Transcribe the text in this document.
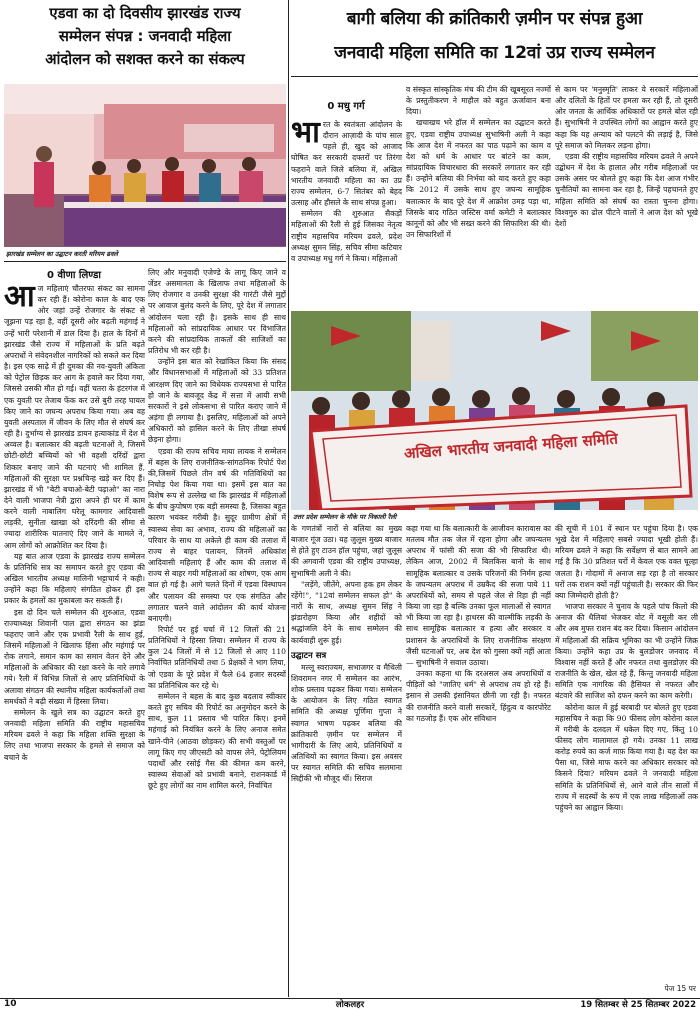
एडवा का दो दिवसीय झारखंड राज्य
सम्मेलन संपन्न : जनवादी महिला
आंदोलन को सशक्त करने का संकल्प
झारखंड सम्मेलन का उद्घाटन करती मरियम ढवले
0 वीणा लिण्डा
आ ज महिलाएं चौतरफा संकट का सामना कर रही हैं। कोरोना काल के बाद एक ओर जहां उन्हें रोजगार के संकट से जूझना पड़ रहा है, वहीं दूसरी ओर बढ़ती महंगाई ने उन्हें भारी परेशानी में डाल दिया है। हाल के दिनों में झारखंड जैसे राज्य में महिलाओं के प्रति बढ़ते अपराधों ने संवेदनशील नागरिकों को सकते कर दिया है। इस एक साढ़े में ही दुमका की नव-युवती अंकिता को पेट्रोल छिड़क कर आग के हवाले कर दिया गया, जिससे उसकी मौत हो गई। वहीं चतरा के हंटरगंज में एक युवती पर तेजाब फेंक कर उसे बुरी तरह घायल किए जाने का जघन्य अपराध किया गया। अब वह युवती अस्पताल में जीवन के लिए मौत से संघर्ष कर रही है। दुर्भाग्य से झारखंड डायन हत्याकांड में देश में अव्वल है। बलात्कार की बढ़ती घटनाओं ने, जिसमें छोटी-छोटी बच्चियों को भी वहशी दरिंदों द्वारा शिकार बनाए जाने की घटनाएं भी शामिल हैं, महिलाओं की सुरक्षा पर प्रश्नचिन्ह खड़े कर दिए हैं। झारखंड में भी "बेटी बचाओ-बेटी पढ़ाओ" का नारा देने वाली भाजपा नेत्री द्वारा अपने ही घर में काम करने वाली नाबालिग घरेलू कामगार आदिवासी लड़की, सुनीता खाखा को दरिंदगी की सीमा से ज्यादा शारीरिक यातनाएं दिए जाने के मामले ने, आम लोगों को आक्रोशित कर दिया है।

यह बात आज एडवा के झारखंड राज्य सम्मेलन के प्रतिनिधि सत्र का समापन करते हुए एडवा की अखिल भारतीय अध्यक्ष मालिनी भट्टाचार्य ने कही। उन्होंने कहा कि महिलाएं संगठित होकर ही इस प्रकार के हमलों का मुकाबला कर सकती हैं।

इस दो दिन चले सम्मेलन की शुरुआत, एडवा राज्याध्यक्ष शिवानी पाल द्वारा संगठन का झंडा फहराए जाने और एक प्रभावी रैली के साथ हुई, जिसमें महिलाओं ने खिलाफ हिंसा और महंगाई पर रोक लगाने, समान काम का समान वेतन देने और महिलाओं के अधिकार की रक्षा करने के नारे लगाये गये। रैली में विभिन्न जिलों से आए प्रतिनिधियों के अलावा संगठन की स्थानीय महिला कार्यकर्ताओं तथा समर्थकों ने बढ़ी संख्या में हिस्सा लिया।

सम्मेलन के खुले सत्र का उद्घाटन करते हुए जनवादी महिला समिति की राष्ट्रीय महासचिव मरियम ढवले ने कहा कि महिला शक्ति सुरक्षा के लिए तथा भाजपा सरकार के हमले से समाज को बचाने के

लिए और मनुवादी एजेण्डे के लागू किए जाने व जेंडर असमानता के खिलाफ तथा महिलाओं के लिए रोजगार व उनकी सुरक्षा की गारंटी जैसे मुद्दों पर आवाज बुलंद करने के लिए, पूरे देश में लगातार आंदोलन चला रही है। इसके साथ ही साथ महिलाओं को सांप्रदायिक आधार पर विभाजित करने की सांप्रदायिक ताकतों की साजिशों का प्रतिरोध भी कर रही है।

उन्होंने इस बात को रेखांकित किया कि संसद और विधानसभाओं में महिलाओं को 33 प्रतिशत आरक्षण दिए जाने का विधेयक राज्यसभा से पारित हो जाने के बावजूद केंद्र में सत्ता में आयी सभी सरकारों ने इसे लोकसभा से पारित कराए जाने में अड़ंगा ही लगाया है। इसलिए, महिलाओं को अपने अधिकारों को हासिल करने के लिए तीखा संघर्ष छेड़ना होगा।

एडवा की राज्य सचिव माया लायक ने सम्मेलन में बहस के लिए राजनीतिक-सांगठनिक रिपोर्ट पेश की,जिसमें पिछले तीन वर्ष की गतिविधियों का निचोड़ पेश किया गया था। इसमें इस बात का विशेष रूप से उल्लेख था कि झारखंड में महिलाओं के बीच कुपोषण एक बड़ी समस्या है, जिसका बहुत कारण भयंकर गरीबी है। सुदूर ग्रामीण क्षेत्रों में स्वास्थ्य सेवा का अभाव, राज्य की महिलाओं का परिवार के साथ या अकेले ही काम की तलाश में राज्य से बाहर पलायन, जिनमें अधिकांश आदिवासी महिलाएं हैं और काम की तलाश में राज्य से बाहर गयी महिलाओं का शोषण, एक आम बात हो गई है। आगे चलते दिनों में एडवा विस्थापन और पलायन की समस्या पर एक संगठित और लगातार चलने वाले आंदोलन की कार्य योजना बनाएगी।

रिपोर्ट पर हुई चर्चा में 12 जिलों की 21 प्रतिनिधियों ने हिस्सा लिया। सम्मेलन में राज्य के कुल 24 जिलों में से 12 जिलों से आए 110 निर्वाचित प्रतिनिधियों तथा 5 प्रेक्षकों ने भाग लिया, जो एडवा के पूरे प्रदेश में फैले 64 हजार सदस्यों का प्रतिनिधित्व कर रहे थे।

सम्मेलन ने बहस के बाद कुछ बदलाव स्वीकार करते हुए सचिव की रिपोर्ट का अनुमोदन करने के साथ, कुल 11 प्रस्ताव भी पारित किए। इनमें महंगाई को नियंत्रित करने के लिए अनाज समेत खाने-पीने (आठवा छोड़कर) की सभी वस्तुओं पर लागू किए गए जीएसटी को वापस लेने, पेट्रोलियम पदार्थों और रसोई गैस की कीमत कम करने, स्वास्थ्य सेवाओं को प्रभावी बनाने, राशनकार्ड में छूटे हुए लोगों का नाम शामिल करने, निर्वाचित

बागी बलिया की क्रांतिकारी ज़मीन पर संपन्न हुआ
जनवादी महिला समिति का 12वां उप्र राज्य सम्मेलन
0 मधु गर्ग
भा रत के स्वतंत्रता आंदोलन के दौरान आज़ादी के पांच साल पहले ही, खुद को आजाद घोषित कर सरकारी दफ्तरों पर तिरंगा फहराने वाले जिले बलिया में, अखिल भारतीय जनवादी महिला का का उप्र राज्य सम्मेलन, 6-7 सितंबर को बेहद उत्साह और हौसले के साथ संपन्न हुआ।

सम्मेलन की शुरुआत सैकड़ों महिलाओं की रैली से हुई जिसका नेतृत्व राष्ट्रीय महासचिव मरियम ढवले, प्रदेश अध्यक्ष सुमन सिंह, सचिव सीमा कटियार व उपाध्यक्ष मधु गर्ग ने किया। महिलाओं

व संस्कृत सांस्कृतिक मंच की टीम की खूबसूरत नज्मों के प्रस्तुतीकरण ने माहौल को बहुत ऊर्जावान बना दिया।

खचाखच भरे हॉल में सम्मेलन का उद्घाटन करते हुए, एडवा राष्ट्रीय उपाध्यक्ष सुभाषिनी अली ने कहा कि आज देश में नफरत का पाठ पढ़ाने का काम व देश को धर्म के आधार पर बांटने का काम, सांप्रदायिक विचारधारा की सरकारें लगातार कर रही हैं। उन्होंने बलिया की निर्भया को याद करते हुए कहा कि 2012 में उसके साथ हुए जघन्य सामूहिक बलात्कार के बाद पूरे देश में आक्रोश उमड़ पड़ा था, जिसके बाद गठित जस्टिस वर्मा कमेटी ने बलात्कार कानूनों को और भी सख्त करने की सिफारिश की थी। उन सिफारिशों में

से काम पर 'मनुस्मृति' लाकर ये सरकारें महिलाओं और दलितों के हितों पर हमला कर रही हैं, तो दूसरी ओर जनता के आर्थिक अधिकारों पर हमले बोल रही हैं। सुभाषिनी ने उपस्थित लोगों का आह्वान करते हुए कहा कि यह अन्याय को पलटने की लड़ाई है, जिसे पूरे समाज को मिलकर लड़ना होगा।

एडवा की राष्ट्रीय महासचिव मरियम ढवले ने अपने उद्बोधन में देश के हालात और गरीब महिलाओं पर उसके असर पर बोलते हुए कहा कि देश आज गंभीर चुनौतियों का सामना कर रहा है, जिन्हें पहचानते हुए महिला समिति को संघर्ष का रास्ता चुनना होगा। विश्वगुरु का ढोल पीटने वालों ने आज देश को भूखे देशों

अखिल भारतीय जनवादी महिला समिति
उत्तर प्रदेश सम्मेलन के मौके पर निकाली रैली

के गणतंत्रों नारों से बलिया का मुख्य बाजार गूंज उठा। यह जुलूस मुख्य बाजार से होते हुए टाउन हॉल पहुंचा, जहां जुलूस की अगवानी एडवा की राष्ट्रीय उपाध्यक्ष, सुभाषिनी अली ने की।

"लड़ेंगे, जीतेंगे, अपना हक हम लेकर रहेंगे!", "12वां सम्मेलन सफल हो" के नारों के साथ, अध्यक्ष सुमन सिंह ने झंडारोहण किया और शहीदों को श्रद्धांजलि देने के साथ सम्मेलन की कार्यवाही शुरू हुई।

उद्घाटन सत्र

मल्लू स्वराज्यम, सभाजगर व मैथिली शिवरामन नगर में सम्मेलन का आरंभ, शोक प्रस्ताव पढ़कर किया गया। सम्मेलन के आयोजन के लिए गठित स्वागत समिति की अध्यक्ष पूर्णिमा गुप्ता ने स्वागत भाषण पढ़कर बलिया की क्रांतिकारी ज़मीन पर सम्मेलन में भागीदारी के लिए आये, प्रतिनिधियों व अतिथियों का स्वागत किया। इस अवसर पर स्वागत समिति की सचिव सलमाना सिद्दीकी भी मौजूद थीं। सिराज

कहा गया था कि बलात्कारी के आजीवन कारावास का मतलब मौत तक जेल में रहना होगा और जघन्यतम अपराध में फांसी की सजा की भी सिफारिश थी। लेकिन आज, 2002 में बिलकिस बानो के साथ सामूहिक बलात्कार व उसके परिजनों की निर्मम हत्या के जघन्यतम अपराध में उम्रकैद की सजा पाये 11 अपराधियों को, समय से पहले जेल से रिहा ही नहीं किया जा रहा है बल्कि उनका फूल मालाओं से स्वागत भी किया जा रहा है। हाथरस की वाल्मीकि लड़की के साथ सामूहिक बलात्कार व हत्या और सरकार व प्रशासन के अपराधियों के लिए राजनीतिक संरक्षण जैसी घटनाओं पर, अब देश को गुस्सा क्यों नहीं आता— सुभाषिनी ने सवाल उठाया।

उनका कहना था कि दरअसल अब अपराधियों व पीड़ितों को "जातिए धर्म" से अपराध तय हो रहे हैं। इसान से उसकी इंसानियत छीनी जा रही है। नफरत की राजनीति करने वाली सरकारें, हिंदुत्व व कारपोरेट का गठजोड़ हैं। एक ओर संविधान

की सूची में 101 वें स्थान पर पहुंचा दिया है। एक भूखे देश में महिलाएं सबसे ज्यादा भूखी होती हैं। मरियम ढवले ने कहा कि सर्वेक्षण से बात सामने आ गई है कि 30 प्रतिशत घरों में केवल एक वक्त चूल्हा जलता है। गोदामों में अनाज सड़ रहा है तो सरकार घरों तक राशन क्यों नहीं पहुंचाती है। सरकार की फिर क्या जिम्मेदारी होती है?

भाजपा सरकार ने चुनाव के पहले पांच किलो की अनाज की थैलियां भेजकर वोट में वसूली कर ली और अब मुफ्त राशन बंद कर दिया। किसान आंदोलन में महिलाओं की सक्रिय भूमिका का भी उन्होंने जिक्र किया। उन्होंने कहा उप्र के बुलडोजर जनवाद में विश्वास नहीं करते हैं और नफरत तथा बुलडोज़र की राजनीति के खेल, खेल रहे हैं, किन्तु जनवादी महिला समिति एक नागरिक की हैसियत से नफरत और बंटवारे की साजिश को दफन करने का काम करेगी।

कोरोना काल में हुई बरबादी पर बोलते हुए एडवा महासचिव ने कहा कि 90 फीसद लोग कोरोना काल में गरीबी के दलदल में धकेल दिए गए, किंतु 10 फीसद लोग मालामाल हो गये। उनका 11 लाख करोड़ रुपये का कर्ज माफ़ किया गया है। यह देश का पैसा था, जिसे माफ करने का अधिकार सरकार को किसने दिया? मरियम ढवले ने जनवादी महिला समिति के प्रतिनिधियों से, आने वाले तीन सालों में राज्य में सदस्यों के रूप में एक लाख महिलाओं तक पहुंचने का आह्वान किया।

पेज 15 पर
10	लोकलहर	19 सितम्बर से 25 सितम्बर 2022
